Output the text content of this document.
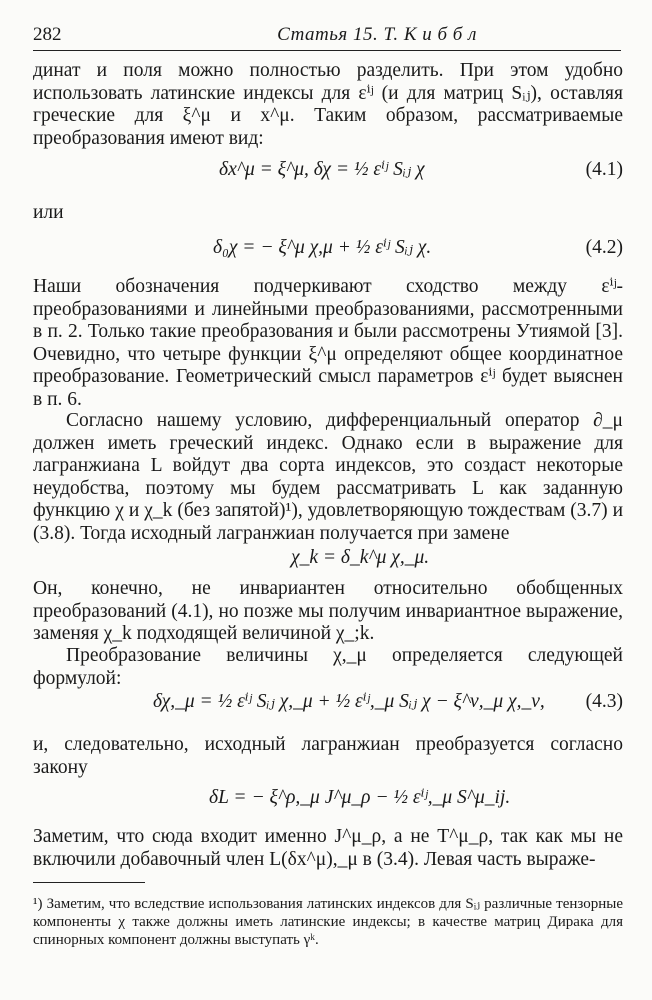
282	Статья 15. Т. К и б б л

динат и поля можно полностью разделить. При этом удобно использовать латинские индексы для εⁱʲ (и для матриц Sᵢⱼ), оставляя греческие для ξ^μ и x^μ. Таким образом, рассматриваемые преобразования имеют вид:

δx^μ = ξ^μ, δχ = ½ εⁱʲ Sᵢⱼ χ	(4.1)

или

δ₀χ = − ξ^μ χ,μ + ½ εⁱʲ Sᵢⱼ χ.	(4.2)

Наши обозначения подчеркивают сходство между εⁱʲ-преобразованиями и линейными преобразованиями, рассмотренными в п. 2. Только такие преобразования и были рассмотрены Утиямой [3]. Очевидно, что четыре функции ξ^μ определяют общее координатное преобразование. Геометрический смысл параметров εⁱʲ будет выяснен в п. 6.

Согласно нашему условию, дифференциальный оператор ∂_μ должен иметь греческий индекс. Однако если в выражение для лагранжиана L войдут два сорта индексов, это создаст некоторые неудобства, поэтому мы будем рассматривать L как заданную функцию χ и χ_k (без запятой)¹), удовлетворяющую тождествам (3.7) и (3.8). Тогда исходный лагранжиан получается при замене

χ_k = δ_k^μ χ,_μ.

Он, конечно, не инвариантен относительно обобщенных преобразований (4.1), но позже мы получим инвариантное выражение, заменяя χ_k подходящей величиной χ_;k.

Преобразование величины χ,_μ определяется следующей формулой:

δχ,_μ = ½ εⁱʲ Sᵢⱼ χ,_μ + ½ εⁱʲ,_μ Sᵢⱼ χ − ξ^ν,_μ χ,_ν, (4.3)

и, следовательно, исходный лагранжиан преобразуется согласно закону

δL = − ξ^ρ,_μ J^μ_ρ − ½ εⁱʲ,_μ S^μ_ij.

Заметим, что сюда входит именно J^μ_ρ, а не T^μ_ρ, так как мы не включили добавочный член L(δx^μ),_μ в (3.4). Левая часть выраже-

¹) Заметим, что вследствие использования латинских индексов для Sᵢⱼ различные тензорные компоненты χ также должны иметь латинские индексы; в качестве матриц Дирака для спинорных компонент должны выступать γᵏ.
